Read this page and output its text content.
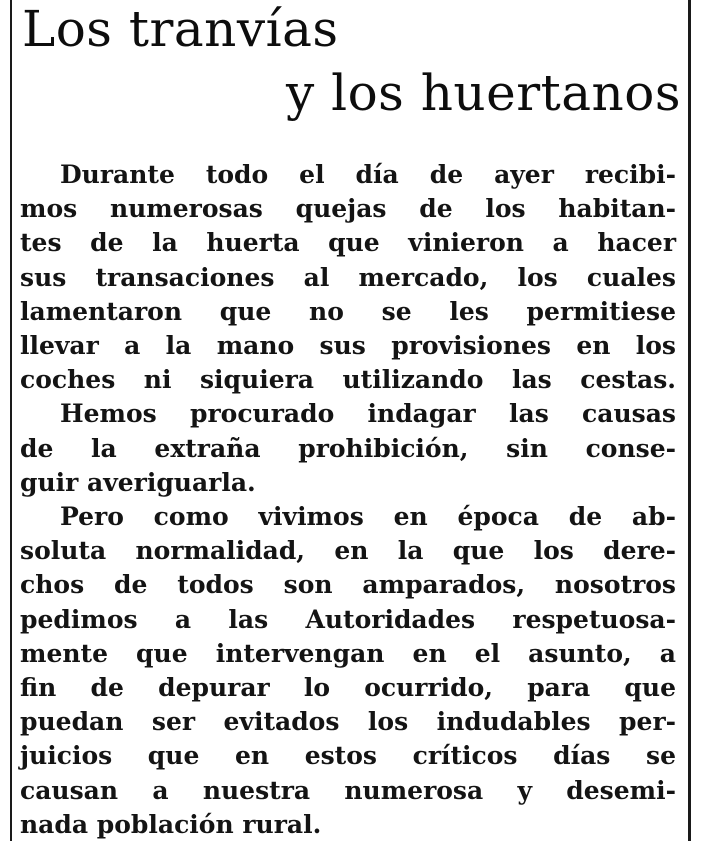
Los tranvías
y los huertanos

Durante todo el día de ayer recibi-
mos numerosas quejas de los habitan-
tes de la huerta que vinieron a hacer
sus transaciones al mercado, los cuales
lamentaron que no se les permitiese
llevar a la mano sus provisiones en los
coches ni siquiera utilizando las cestas.

Hemos procurado indagar las causas
de la extraña prohibición, sin conse-
guir averiguarla.

Pero como vivimos en época de ab-
soluta normalidad, en la que los dere-
chos de todos son amparados, nosotros
pedimos a las Autoridades respetuosa-
mente que intervengan en el asunto, a
fin de depurar lo ocurrido, para que
puedan ser evitados los indudables per-
juicios que en estos críticos días se
causan a nuestra numerosa y desemi-
nada población rural.
